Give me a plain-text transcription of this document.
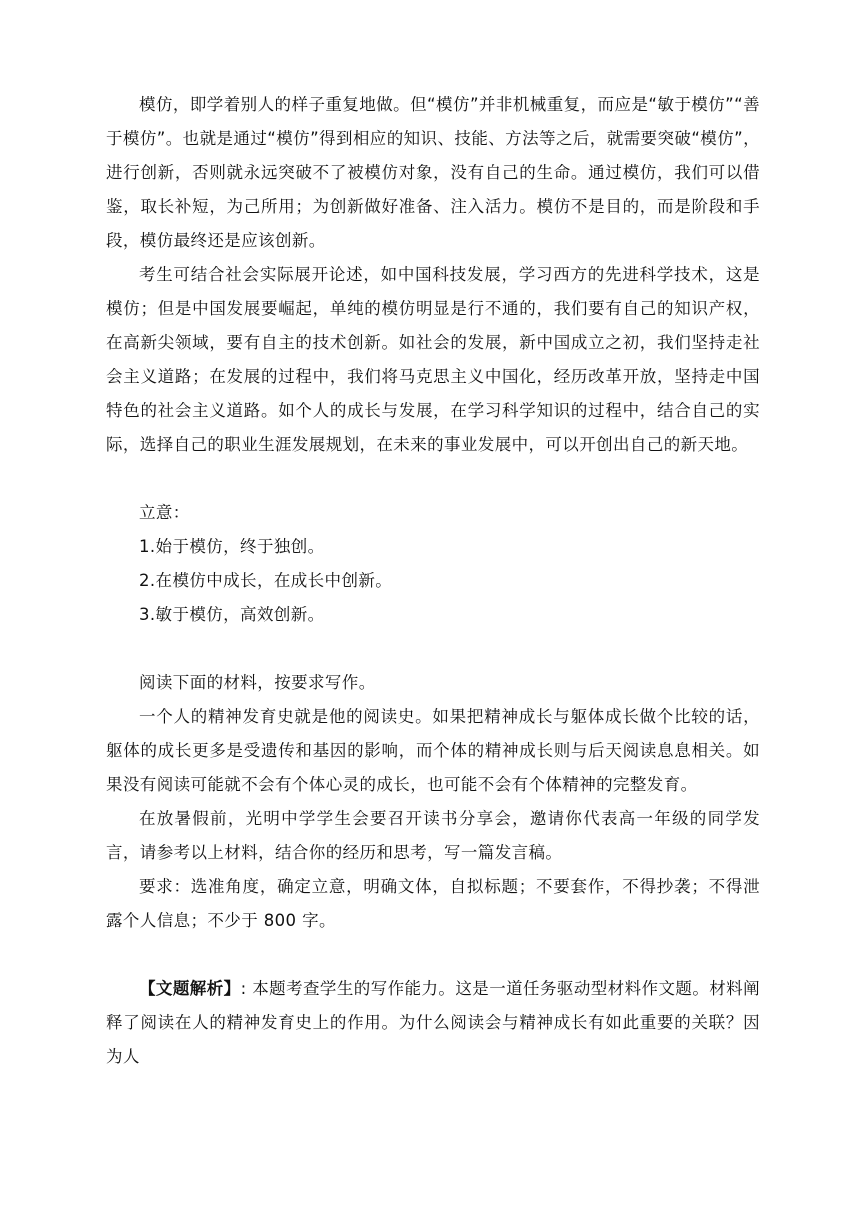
模仿，即学着别人的样子重复地做。但“模仿”并非机械重复，而应是“敏于模仿”“善于模仿”。也就是通过“模仿”得到相应的知识、技能、方法等之后，就需要突破“模仿”，进行创新，否则就永远突破不了被模仿对象，没有自己的生命。通过模仿，我们可以借鉴，取长补短，为己所用；为创新做好准备、注入活力。模仿不是目的，而是阶段和手段，模仿最终还是应该创新。

考生可结合社会实际展开论述，如中国科技发展，学习西方的先进科学技术，这是模仿；但是中国发展要崛起，单纯的模仿明显是行不通的，我们要有自己的知识产权，在高新尖领域，要有自主的技术创新。如社会的发展，新中国成立之初，我们坚持走社会主义道路；在发展的过程中，我们将马克思主义中国化，经历改革开放，坚持走中国特色的社会主义道路。如个人的成长与发展，在学习科学知识的过程中，结合自己的实际，选择自己的职业生涯发展规划，在未来的事业发展中，可以开创出自己的新天地。

立意：

1.始于模仿，终于独创。

2.在模仿中成长，在成长中创新。

3.敏于模仿，高效创新。

阅读下面的材料，按要求写作。

一个人的精神发育史就是他的阅读史。如果把精神成长与躯体成长做个比较的话，躯体的成长更多是受遗传和基因的影响，而个体的精神成长则与后天阅读息息相关。如果没有阅读可能就不会有个体心灵的成长，也可能不会有个体精神的完整发育。

在放暑假前，光明中学学生会要召开读书分享会，邀请你代表高一年级的同学发言，请参考以上材料，结合你的经历和思考，写一篇发言稿。

要求：选准角度，确定立意，明确文体，自拟标题；不要套作，不得抄袭；不得泄露个人信息；不少于 800 字。

【文题解析】: 本题考查学生的写作能力。这是一道任务驱动型材料作文题。材料阐释了阅读在人的精神发育史上的作用。为什么阅读会与精神成长有如此重要的关联？因为人
